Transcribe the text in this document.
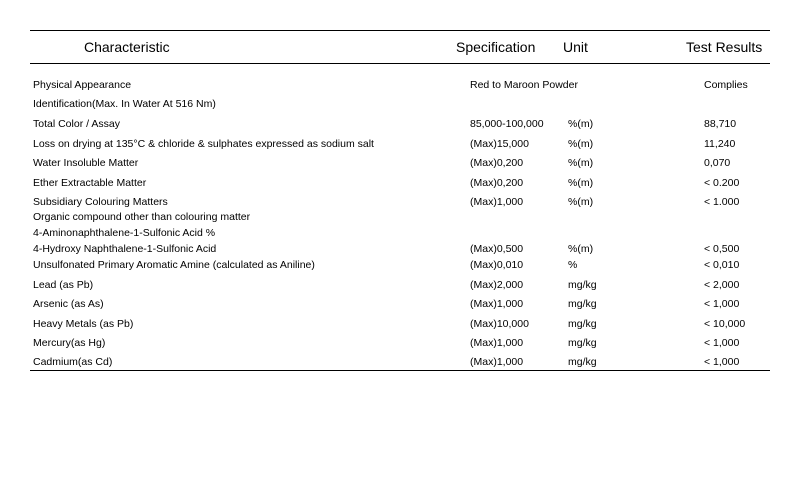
Characteristic	Specification Unit	Test Results
Physical Appearance	Red to Maroon Powder	Complies
Identification(Max. In Water At 516 Nm)
Total Color / Assay	85,000-100,000 %(m)	88,710
Loss on drying at 135°C & chloride & sulphates expressed as sodium salt	(Max)15,000	%(m)	11,240
Water Insoluble Matter	(Max)0,200	%(m)	0,070
Ether Extractable Matter	(Max)0,200	%(m)	< 0.200
Subsidiary Colouring Matters	(Max)1,000	%(m)	< 1.000
Organic compound other than colouring matter
4-Aminonaphthalene-1-Sulfonic Acid %
4-Hydroxy Naphthalene-1-Sulfonic Acid	(Max)0,500	%(m)	< 0,500
Unsulfonated Primary Aromatic Amine (calculated as Aniline)	(Max)0,010	%	< 0,010
Lead (as Pb)	(Max)2,000	mg/kg	< 2,000
Arsenic (as As)	(Max)1,000	mg/kg	< 1,000
Heavy Metals (as Pb)	(Max)10,000	mg/kg	< 10,000
Mercury(as Hg)	(Max)1,000	mg/kg	< 1,000
Cadmium(as Cd)	(Max)1,000	mg/kg	< 1,000
